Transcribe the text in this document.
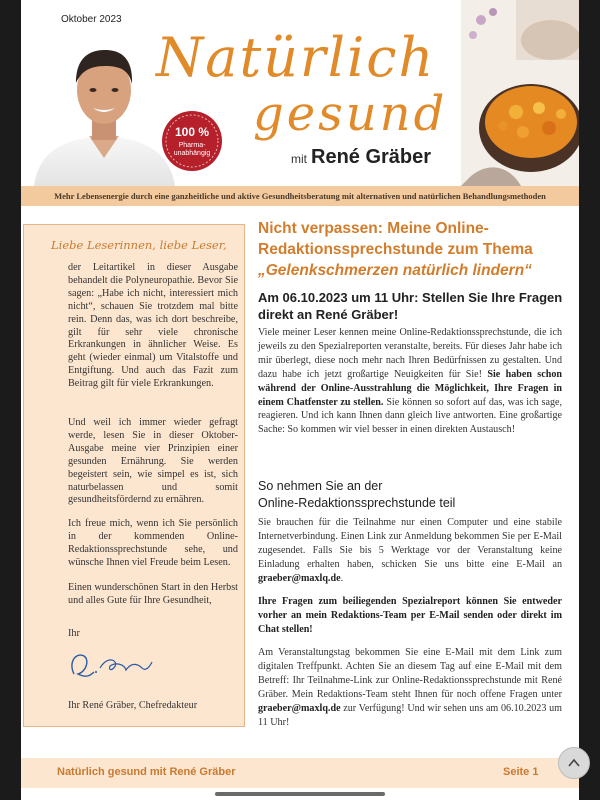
Oktober 2023
Natürlich
gesund
mit René Gräber
100 %
Pharma-
unabhängig
Mehr Lebensenergie durch eine ganzheitliche und aktive Gesundheitsberatung mit alternativen und natürlichen Behandlungsmethoden
Liebe Leserinnen, liebe Leser,

der Leitartikel in dieser Ausgabe behandelt die Polyneuropathie. Bevor Sie sagen: „Habe ich nicht, interessiert mich nicht“, schauen Sie trotzdem mal bitte rein. Denn das, was ich dort beschreibe, gilt für sehr viele chronische Erkrankungen in ähnlicher Weise. Es geht (wieder einmal) um Vitalstoffe und Entgiftung. Und auch das Fazit zum Beitrag gilt für viele Erkrankungen.

Und weil ich immer wieder gefragt werde, lesen Sie in dieser Oktober-Ausgabe meine vier Prinzipien einer gesunden Ernährung. Sie werden begeistert sein, wie simpel es ist, sich naturbelassen und somit gesundheitsfördernd zu ernähren.

Ich freue mich, wenn ich Sie persönlich in der kommenden Online-Redaktionssprechstunde sehe, und wünsche Ihnen viel Freude beim Lesen.

Einen wunderschönen Start in den Herbst und alles Gute für Ihre Gesundheit,

Ihr

Ihr René Gräber, Chefredakteur

Nicht verpassen: Meine Online-
Redaktionssprechstunde zum Thema
„Gelenkschmerzen natürlich lindern“
Am 06.10.2023 um 11 Uhr: Stellen Sie Ihre Fragen direkt an René Gräber!

Viele meiner Leser kennen meine Online-Redaktionssprechstunde, die ich jeweils zu den Spezialreporten veranstalte, bereits. Für dieses Jahr habe ich mir überlegt, diese noch mehr nach Ihren Bedürfnissen zu gestalten. Und dazu habe ich jetzt großartige Neuigkeiten für Sie! Sie haben schon während der Online-Ausstrahlung die Möglichkeit, Ihre Fragen in einem Chatfenster zu stellen. Sie können so sofort auf das, was ich sage, reagieren. Und ich kann Ihnen dann gleich live antworten. Eine großartige Sache: So kommen wir viel besser in einen direkten Austausch!

So nehmen Sie an der
Online-Redaktionssprechstunde teil

Sie brauchen für die Teilnahme nur einen Computer und eine stabile Internetverbindung. Einen Link zur Anmeldung bekommen Sie per E-Mail zugesendet. Falls Sie bis 5 Werktage vor der Veranstaltung keine Einladung erhalten haben, schicken Sie uns bitte eine E-Mail an graeber@maxlq.de.

Ihre Fragen zum beiliegenden Spezialreport können Sie entweder vorher an mein Redaktions-Team per E-Mail senden oder direkt im Chat stellen!

Am Veranstaltungstag bekommen Sie eine E-Mail mit dem Link zum digitalen Treffpunkt. Achten Sie an diesem Tag auf eine E-Mail mit dem Betreff: Ihr Teilnahme-Link zur Online-Redaktionssprechstunde mit René Gräber. Mein Redaktions-Team steht Ihnen für noch offene Fragen unter graeber@maxlq.de zur Verfügung! Und wir sehen uns am 06.10.2023 um 11 Uhr!

Natürlich gesund mit René Gräber	Seite 1
